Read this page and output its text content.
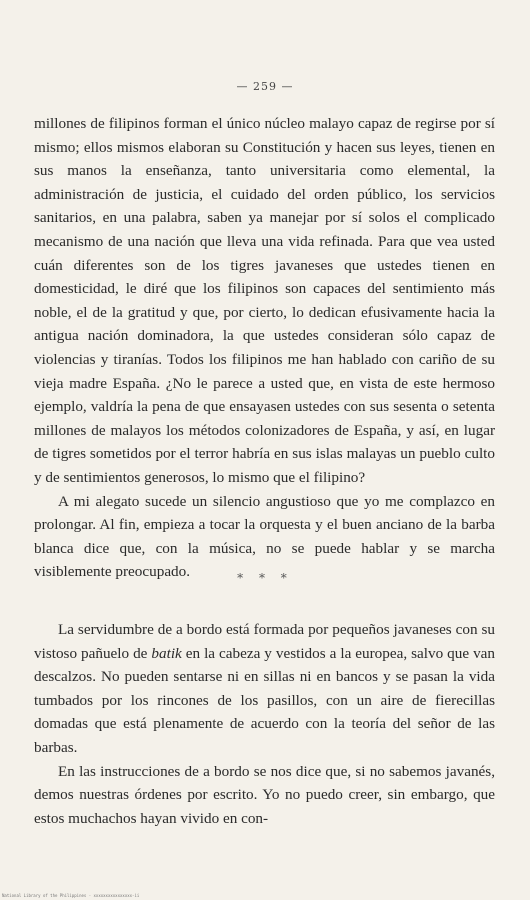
— 259 —

millones de filipinos forman el único núcleo malayo capaz de regirse por sí mismo; ellos mismos elaboran su Constitución y hacen sus leyes, tienen en sus manos la enseñanza, tanto universitaria como elemental, la administración de justicia, el cuidado del orden público, los servicios sanitarios, en una palabra, saben ya manejar por sí solos el complicado mecanismo de una nación que lleva una vida refinada. Para que vea usted cuán diferentes son de los tigres javaneses que ustedes tienen en domesticidad, le diré que los filipinos son capaces del sentimiento más noble, el de la gratitud y que, por cierto, lo dedican efusivamente hacia la antigua nación dominadora, la que ustedes consideran sólo capaz de violencias y tiranías. Todos los filipinos me han hablado con cariño de su vieja madre España. ¿No le parece a usted que, en vista de este hermoso ejemplo, valdría la pena de que ensayasen ustedes con sus sesenta o setenta millones de malayos los métodos colonizadores de España, y así, en lugar de tigres sometidos por el terror habría en sus islas malayas un pueblo culto y de sentimientos generosos, lo mismo que el filipino?

A mi alegato sucede un silencio angustioso que yo me complazco en prolongar. Al fin, empieza a tocar la orquesta y el buen anciano de la barba blanca dice que, con la música, no se puede hablar y se marcha visiblemente preocupado.	* * *

La servidumbre de a bordo está formada por pequeños javaneses con su vistoso pañuelo de batik en la cabeza y vestidos a la europea, salvo que van descalzos. No pueden sentarse ni en sillas ni en bancos y se pasan la vida tumbados por los rincones de los pasillos, con un aire de fierecillas domadas que está plenamente de acuerdo con la teoría del señor de las barbas.

En las instrucciones de a bordo se nos dice que, si no sabemos javanés, demos nuestras órdenes por escrito. Yo no puedo creer, sin embargo, que estos muchachos hayan vivido en con-

National Library of the Philippines · xxxxxxxxxxxxxxxx-ii
